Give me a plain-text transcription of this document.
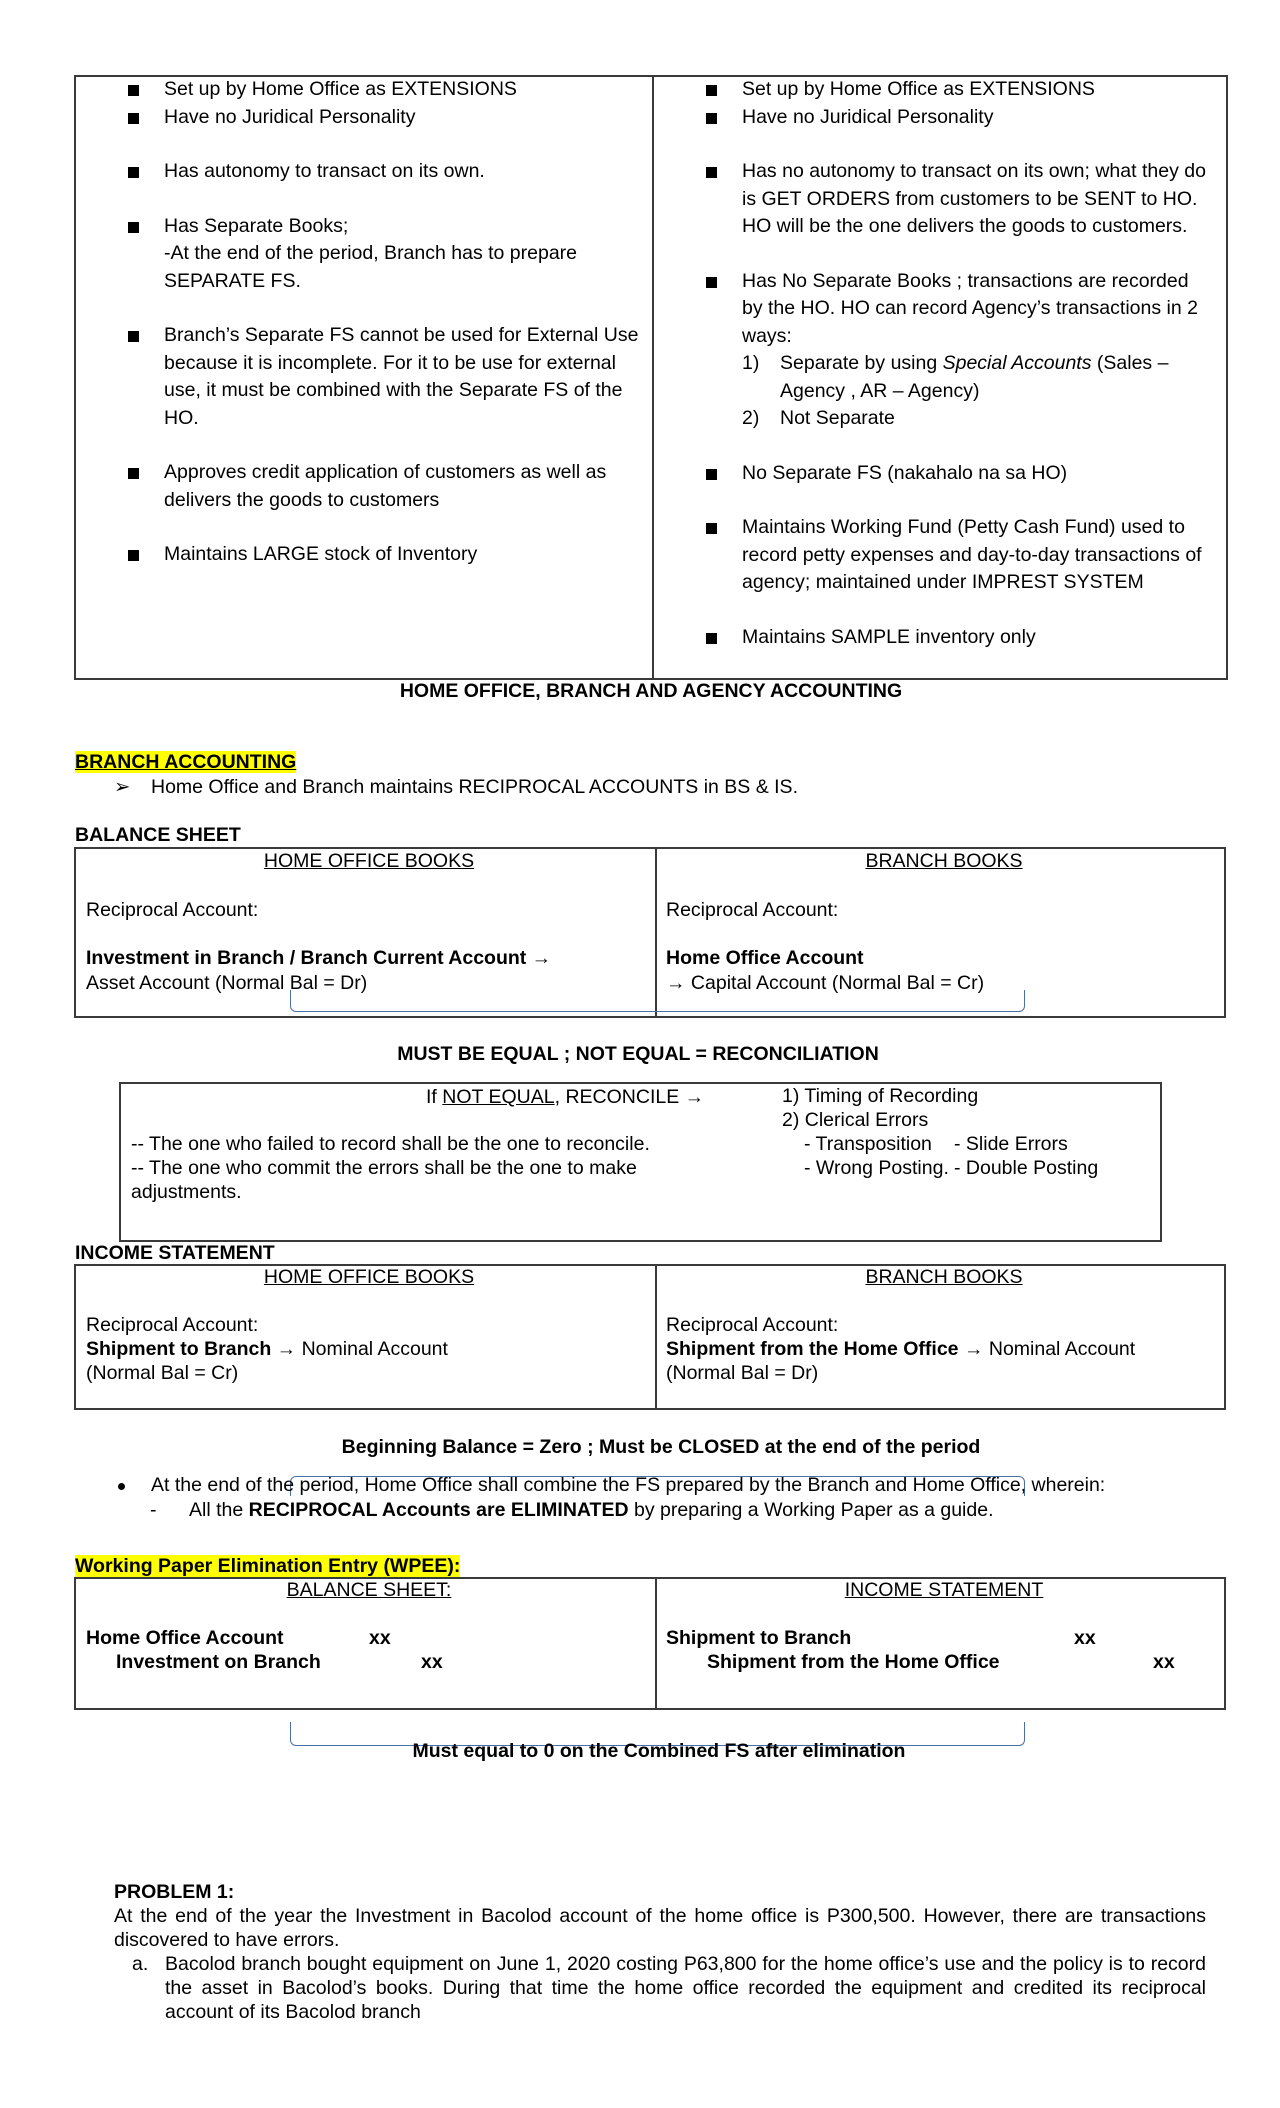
Set up by Home Office as EXTENSIONS
Have no Juridical Personality
Has autonomy to transact on its own.
Has Separate Books;
-At the end of the period, Branch has to prepare SEPARATE FS.
Branch’s Separate FS cannot be used for External Use because it is incomplete. For it to be use for external use, it must be combined with the Separate FS of the HO.
Approves credit application of customers as well as delivers the goods to customers
Maintains LARGE stock of Inventory
Set up by Home Office as EXTENSIONS
Have no Juridical Personality
Has no autonomy to transact on its own; what they do is GET ORDERS from customers to be SENT to HO. HO will be the one delivers the goods to customers.
Has No Separate Books ; transactions are recorded by the HO. HO can record Agency’s transactions in 2 ways:
1) Separate by using Special Accounts (Sales – Agency , AR – Agency)
2) Not Separate
No Separate FS (nakahalo na sa HO)
Maintains Working Fund (Petty Cash Fund) used to record petty expenses and day-to-day transactions of agency; maintained under IMPREST SYSTEM
Maintains SAMPLE inventory only
HOME OFFICE, BRANCH AND AGENCY ACCOUNTING
BRANCH ACCOUNTING
➢ Home Office and Branch maintains RECIPROCAL ACCOUNTS in BS & IS.
BALANCE SHEET
HOME OFFICE BOOKS
Reciprocal Account:
Investment in Branch / Branch Current Account →
Asset Account (Normal Bal = Dr)
BRANCH BOOKS
Reciprocal Account:
Home Office Account
→ Capital Account (Normal Bal = Cr)
MUST BE EQUAL ; NOT EQUAL = RECONCILIATION
If NOT EQUAL, RECONCILE →
-- The one who failed to record shall be the one to reconcile.
-- The one who commit the errors shall be the one to make adjustments.
1) Timing of Recording
2) Clerical Errors
- Transposition - Slide Errors
- Wrong Posting. - Double Posting
INCOME STATEMENT
HOME OFFICE BOOKS
Reciprocal Account:
Shipment to Branch → Nominal Account
(Normal Bal = Cr)
BRANCH BOOKS
Reciprocal Account:
Shipment from the Home Office → Nominal Account
(Normal Bal = Dr)
Beginning Balance = Zero ; Must be CLOSED at the end of the period
At the end of the period, Home Office shall combine the FS prepared by the Branch and Home Office, wherein:
- All the RECIPROCAL Accounts are ELIMINATED by preparing a Working Paper as a guide.
Working Paper Elimination Entry (WPEE):
BALANCE SHEET:
Home Office Account	xx
Investment on Branch	xx
INCOME STATEMENT
Shipment to Branch	xx
Shipment from the Home Office	xx
Must equal to 0 on the Combined FS after elimination
PROBLEM 1:
At the end of the year the Investment in Bacolod account of the home office is P300,500. However, there are transactions discovered to have errors.
a. Bacolod branch bought equipment on June 1, 2020 costing P63,800 for the home office’s use and the policy is to record the asset in Bacolod’s books. During that time the home office recorded the equipment and credited its reciprocal account of its Bacolod branch
